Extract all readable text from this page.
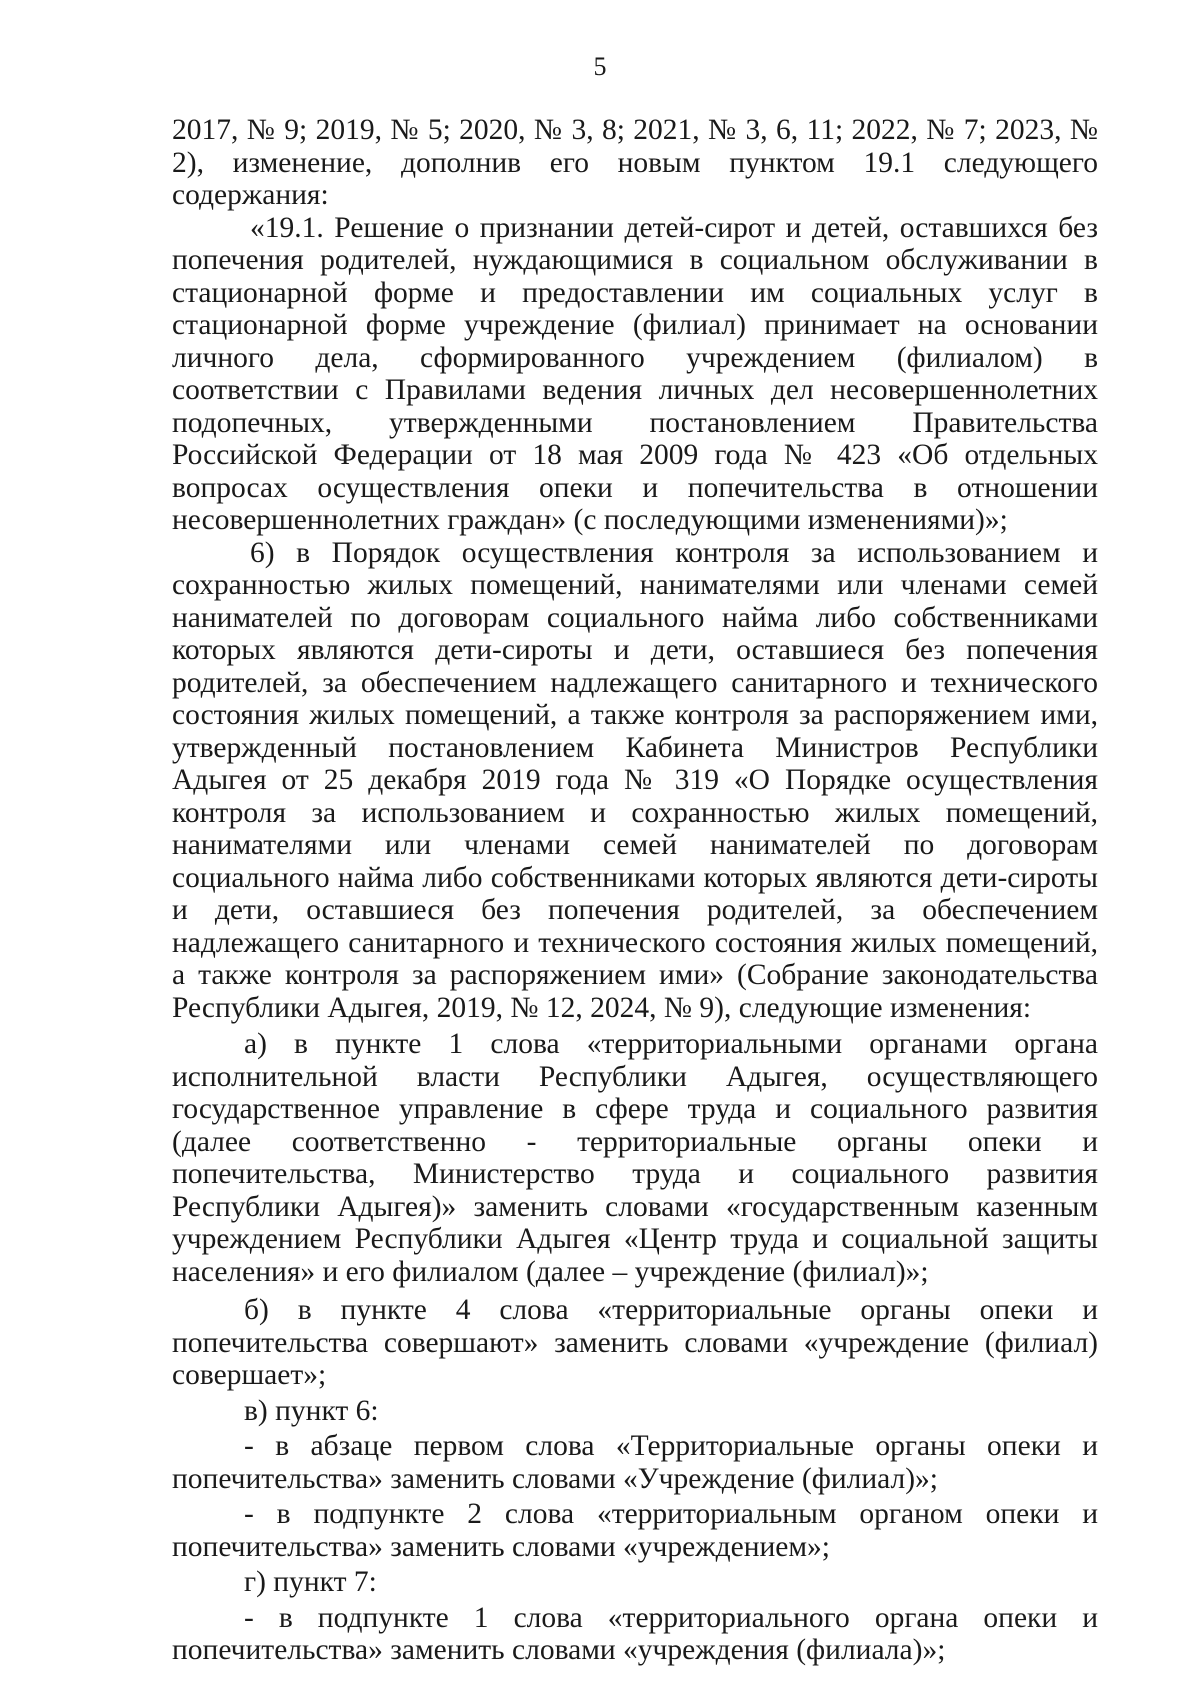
5

2017, № 9; 2019, № 5; 2020, № 3, 8; 2021, № 3, 6, 11; 2022, № 7; 2023, № 2), изменение, дополнив его новым пунктом 19.1 следующего содержания:

«19.1. Решение о признании детей-сирот и детей, оставшихся без попечения родителей, нуждающимися в социальном обслуживании в стационарной форме и предоставлении им социальных услуг в стационарной форме учреждение (филиал) принимает на основании личного дела, сформированного учреждением (филиалом) в соответствии с Правилами ведения личных дел несовершеннолетних подопечных, утвержденными постановлением Правительства Российской Федерации от 18 мая 2009 года № 423 «Об отдельных вопросах осуществления опеки и попечительства в отношении несовершеннолетних граждан» (с последующими изменениями)»;

6) в Порядок осуществления контроля за использованием и сохранностью жилых помещений, нанимателями или членами семей нанимателей по договорам социального найма либо собственниками которых являются дети-сироты и дети, оставшиеся без попечения родителей, за обеспечением надлежащего санитарного и технического состояния жилых помещений, а также контроля за распоряжением ими, утвержденный постановлением Кабинета Министров Республики Адыгея от 25 декабря 2019 года № 319 «О Порядке осуществления контроля за использованием и сохранностью жилых помещений, нанимателями или членами семей нанимателей по договорам социального найма либо собственниками которых являются дети-сироты и дети, оставшиеся без попечения родителей, за обеспечением надлежащего санитарного и технического состояния жилых помещений, а также контроля за распоряжением ими» (Собрание законодательства Республики Адыгея, 2019, № 12, 2024, № 9), следующие изменения:

а) в пункте 1 слова «территориальными органами органа исполнительной власти Республики Адыгея, осуществляющего государственное управление в сфере труда и социального развития (далее соответственно - территориальные органы опеки и попечительства, Министерство труда и социального развития Республики Адыгея)» заменить словами «государственным казенным учреждением Республики Адыгея «Центр труда и социальной защиты населения» и его филиалом (далее – учреждение (филиал)»;

б) в пункте 4 слова «территориальные органы опеки и попечительства совершают» заменить словами «учреждение (филиал) совершает»;

в) пункт 6:

- в абзаце первом слова «Территориальные органы опеки и попечительства» заменить словами «Учреждение (филиал)»;

- в подпункте 2 слова «территориальным органом опеки и попечительства» заменить словами «учреждением»;

г) пункт 7:

- в подпункте 1 слова «территориального органа опеки и попечительства» заменить словами «учреждения (филиала)»;
